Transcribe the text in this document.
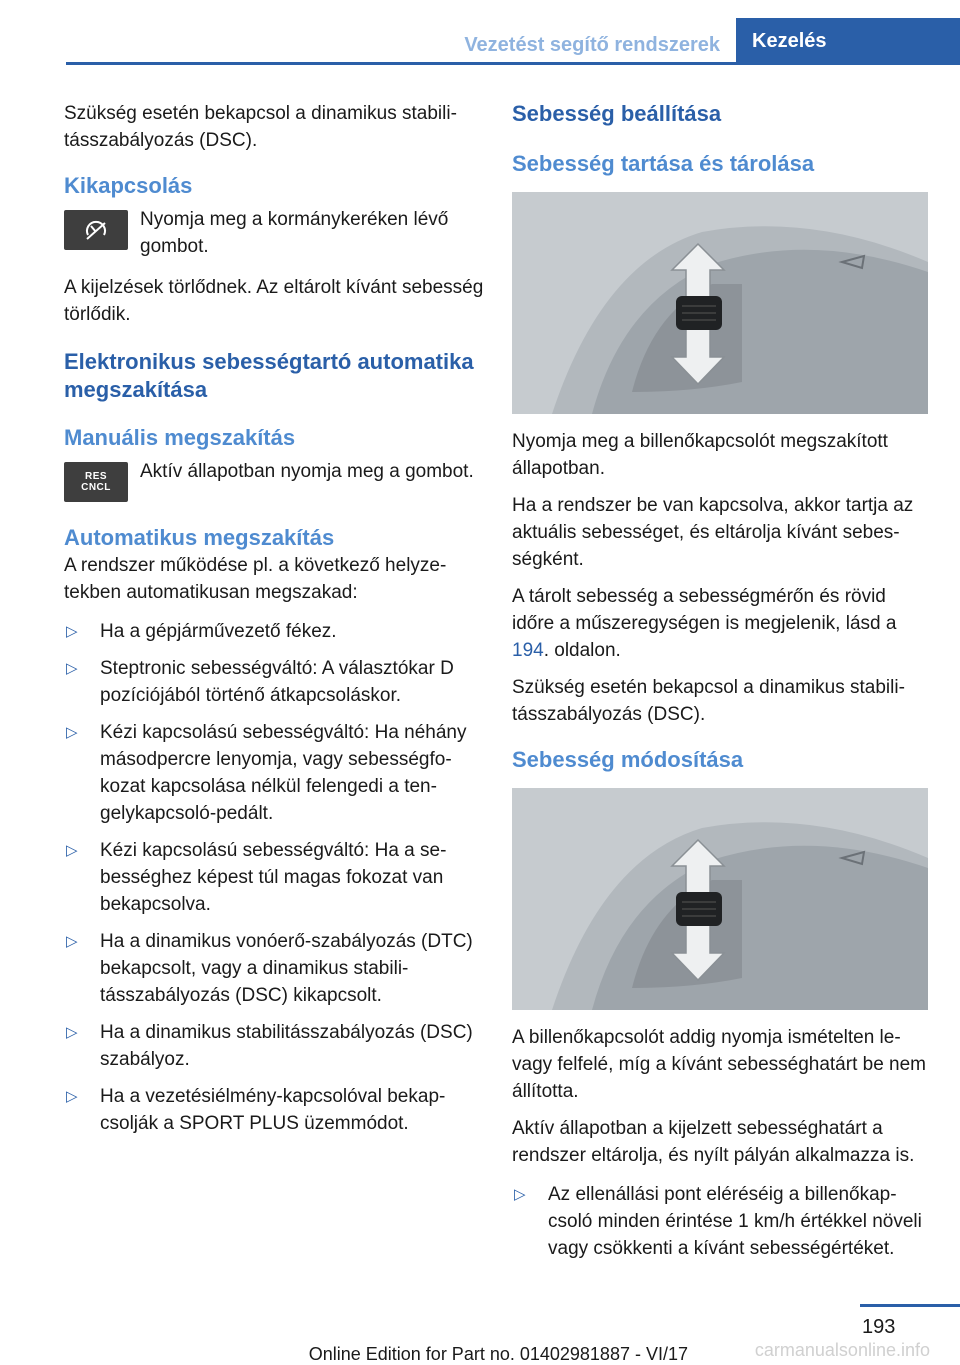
Vezetést segítő rendszerek	Kezelés

Szükség esetén bekapcsol a dinamikus stabilitásszabályozás (DSC).

Kikapcsolás
Nyomja meg a kormánykeréken lévő gombot.

A kijelzések törlődnek. Az eltárolt kívánt sebesség törlődik.

Elektronikus sebességtartó automatika megszakítása
Manuális megszakítás
RES
CNCL
Aktív állapotban nyomja meg a gombot.
Automatikus megszakítás

A rendszer működése pl. a következő helyzetekben automatikusan megszakad:

▷ Ha a gépjárművezető fékez.
▷ Steptronic sebességváltó: A választókar D pozíciójából történő átkapcsoláskor.
▷ Kézi kapcsolású sebességváltó: Ha néhány másodpercre lenyomja, vagy sebességfokozat kapcsolása nélkül felengedi a tengelykapcsoló-pedált.
▷ Kézi kapcsolású sebességváltó: Ha a sebességhez képest túl magas fokozat van bekapcsolva.
▷ Ha a dinamikus vonóerő-szabályozás (DTC) bekapcsolt, vagy a dinamikus stabilitásszabályozás (DSC) kikapcsolt.
▷ Ha a dinamikus stabilitásszabályozás (DSC) szabályoz.
▷ Ha a vezetésiélmény-kapcsolóval bekapcsolják a SPORT PLUS üzemmódot.
Sebesség beállítása
Sebesség tartása és tárolása

Nyomja meg a billenőkapcsolót megszakított állapotban.

Ha a rendszer be van kapcsolva, akkor tartja az aktuális sebességet, és eltárolja kívánt sebességként.

A tárolt sebesség a sebességmérőn és rövid időre a műszeregységen is megjelenik, lásd a 194. oldalon.

Szükség esetén bekapcsol a dinamikus stabilitásszabályozás (DSC).

Sebesség módosítása

A billenőkapcsolót addig nyomja ismételten le- vagy felfelé, míg a kívánt sebességhatárt be nem állította.

Aktív állapotban a kijelzett sebességhatárt a rendszer eltárolja, és nyílt pályán alkalmazza is.

▷ Az ellenállási pont eléréséig a billenőkapcsoló minden érintése 1 km/h értékkel növeli vagy csökkenti a kívánt sebességértéket.
193
Online Edition for Part no. 01402981887 - VI/17	carmanualsonline.info
